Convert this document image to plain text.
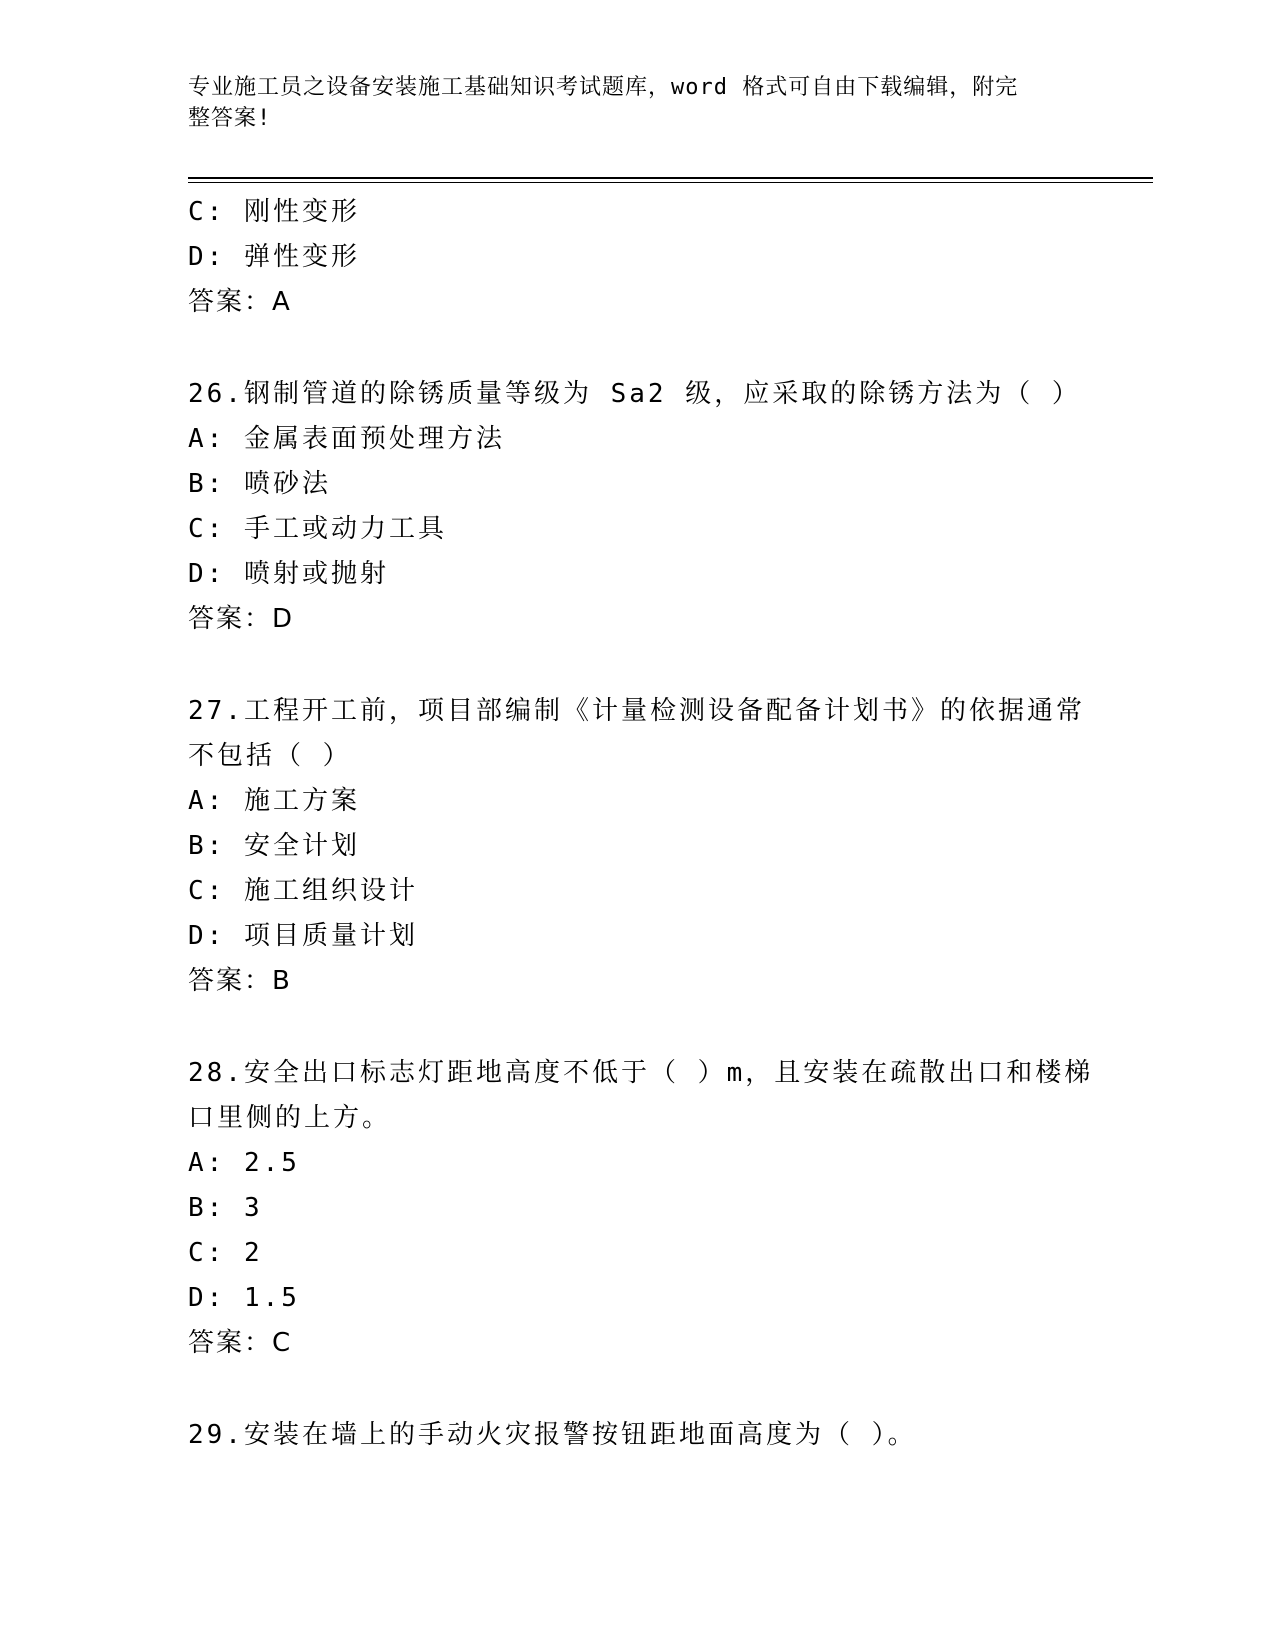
专业施工员之设备安装施工基础知识考试题库，word 格式可自由下载编辑，附完
整答案!
C: 刚性变形
D: 弹性变形
答案：A
26.钢制管道的除锈质量等级为 Sa2 级，应采取的除锈方法为（ ）
A: 金属表面预处理方法
B: 喷砂法
C: 手工或动力工具
D: 喷射或抛射
答案：D
27.工程开工前，项目部编制《计量检测设备配备计划书》的依据通常
不包括（ ）
A: 施工方案
B: 安全计划
C: 施工组织设计
D: 项目质量计划
答案：B
28.安全出口标志灯距地高度不低于（ ）m，且安装在疏散出口和楼梯
口里侧的上方。
A: 2.5
B: 3
C: 2
D: 1.5
答案：C
29.安装在墙上的手动火灾报警按钮距地面高度为（ ）。
